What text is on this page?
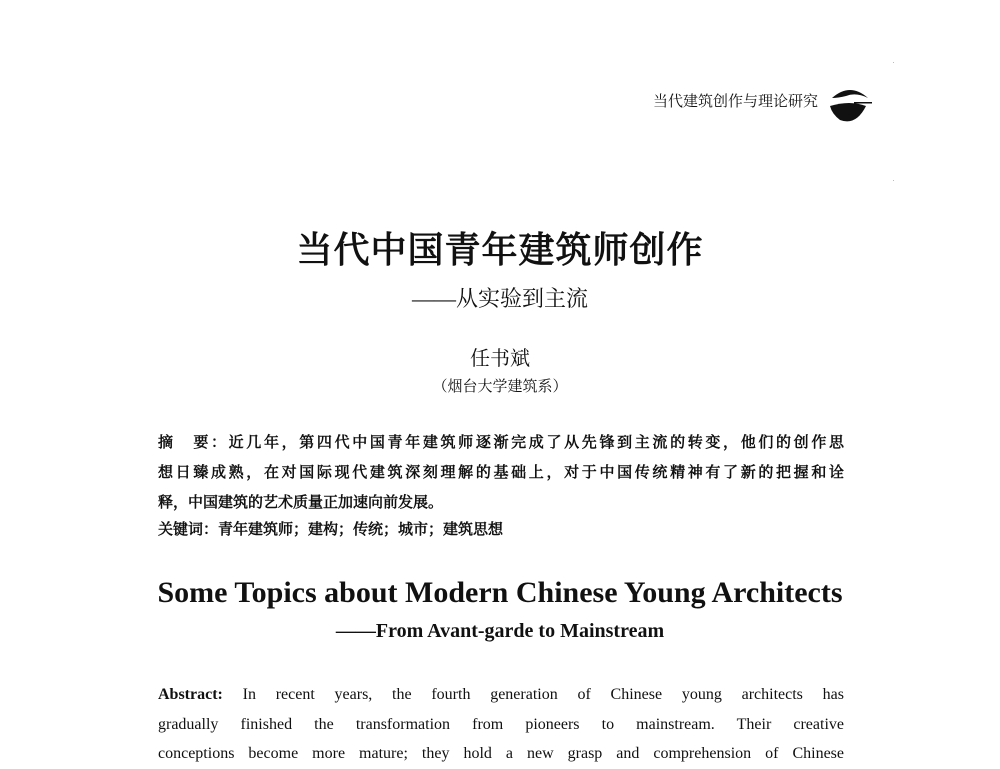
当代建筑创作与理论研究
当代中国青年建筑师创作
——从实验到主流
任书斌
（烟台大学建筑系）
摘　要：近几年，第四代中国青年建筑师逐渐完成了从先锋到主流的转变，他们的创作思
想日臻成熟，在对国际现代建筑深刻理解的基础上，对于中国传统精神有了新的把握和诠
释，中国建筑的艺术质量正加速向前发展。
关键词：青年建筑师；建构；传统；城市；建筑思想
Some Topics about Modern Chinese Young Architects
——From Avant-garde to Mainstream
Abstract: In recent years, the fourth generation of Chinese young architects has
gradually finished the transformation from pioneers to mainstream. Their creative
conceptions become more mature; they hold a new grasp and comprehension of Chinese
